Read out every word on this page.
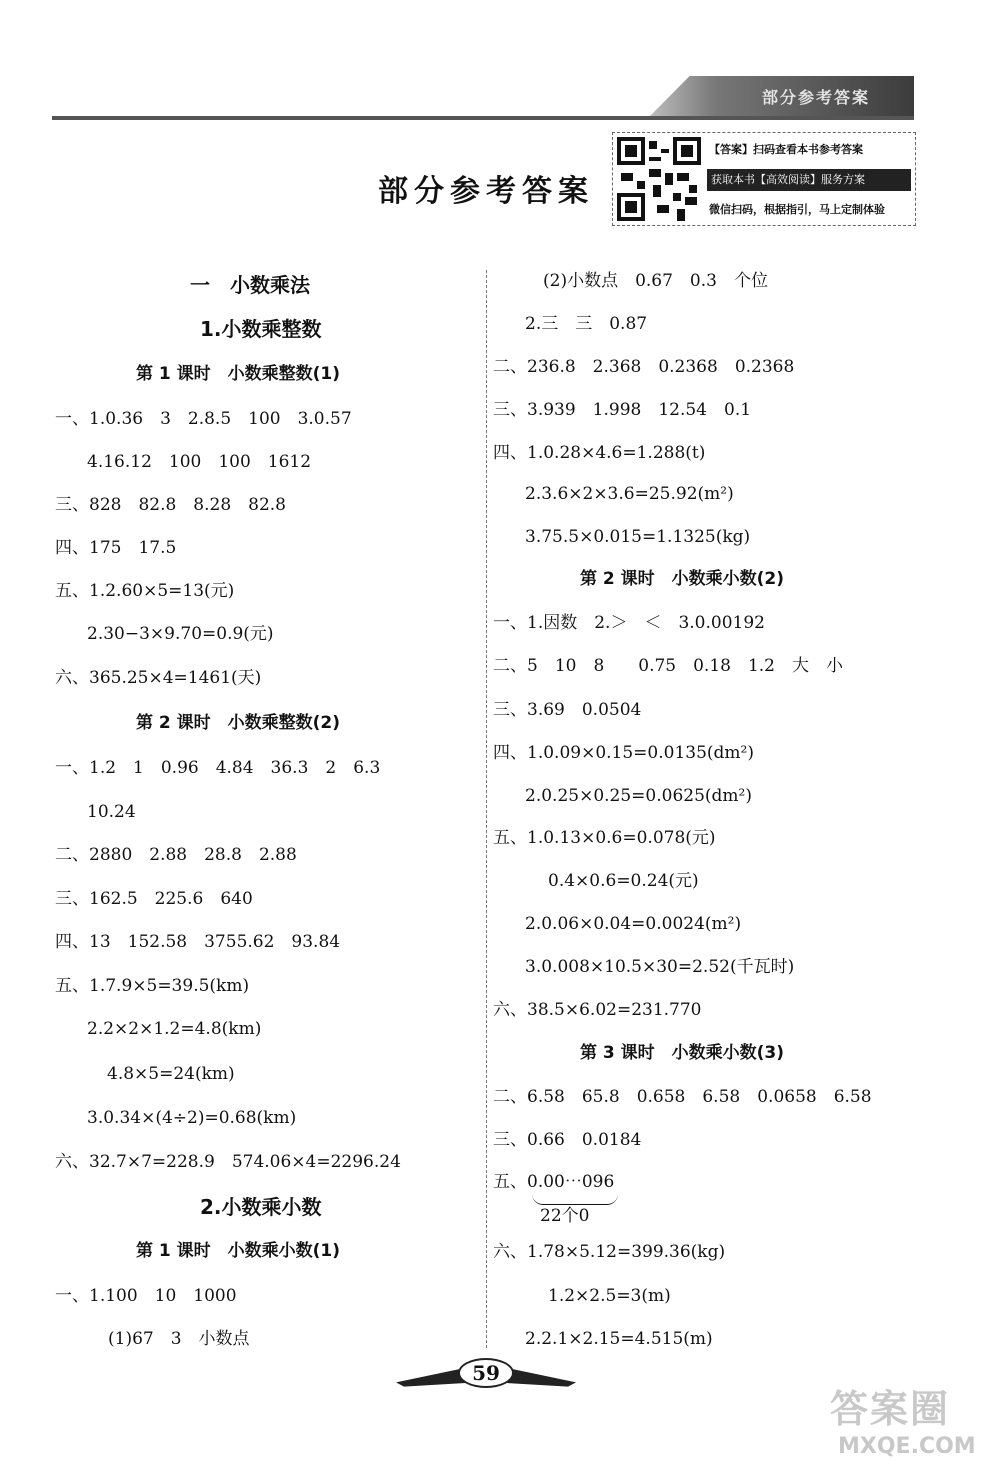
部分参考答案
部分参考答案
【答案】扫码查看本书参考答案
获取本书【高效阅读】服务方案
微信扫码，根据指引，马上定制体验
一　小数乘法
1.小数乘整数
第 1 课时　小数乘整数(1)
一、1.0.36　3　2.8.5　100　3.0.57
4.16.12　100　100　1612
三、828　82.8　8.28　82.8
四、175　17.5
五、1.2.60×5=13(元)
2.30−3×9.70=0.9(元)
六、365.25×4=1461(天)
第 2 课时　小数乘整数(2)
一、1.2　1　0.96　4.84　36.3　2　6.3
10.24
二、2880　2.88　28.8　2.88
三、162.5　225.6　640
四、13　152.58　3755.62　93.84
五、1.7.9×5=39.5(km)
2.2×2×1.2=4.8(km)
4.8×5=24(km)
3.0.34×(4÷2)=0.68(km)
六、32.7×7=228.9　574.06×4=2296.24
2.小数乘小数
第 1 课时　小数乘小数(1)
一、1.100　10　1000
(1)67　3　小数点
(2)小数点　0.67　0.3　个位
2.三　三　0.87
二、236.8　2.368　0.2368　0.2368
三、3.939　1.998　12.54　0.1
四、1.0.28×4.6=1.288(t)
2.3.6×2×3.6=25.92(m²)
3.75.5×0.015=1.1325(kg)
第 2 课时　小数乘小数(2)
一、1.因数　2.＞　＜　3.0.00192
二、5　10　8　　0.75　0.18　1.2　大　小
三、3.69　0.0504
四、1.0.09×0.15=0.0135(dm²)
2.0.25×0.25=0.0625(dm²)
五、1.0.13×0.6=0.078(元)
0.4×0.6=0.24(元)
2.0.06×0.04=0.0024(m²)
3.0.008×10.5×30=2.52(千瓦时)
六、38.5×6.02=231.770
第 3 课时　小数乘小数(3)
二、6.58　65.8　0.658　6.58　0.0658　6.58
三、0.66　0.0184
五、0.00⋯096
22个0
六、1.78×5.12=399.36(kg)
1.2×2.5=3(m)
2.2.1×2.15=4.515(m)
59
答案圈
MXQE.COM
